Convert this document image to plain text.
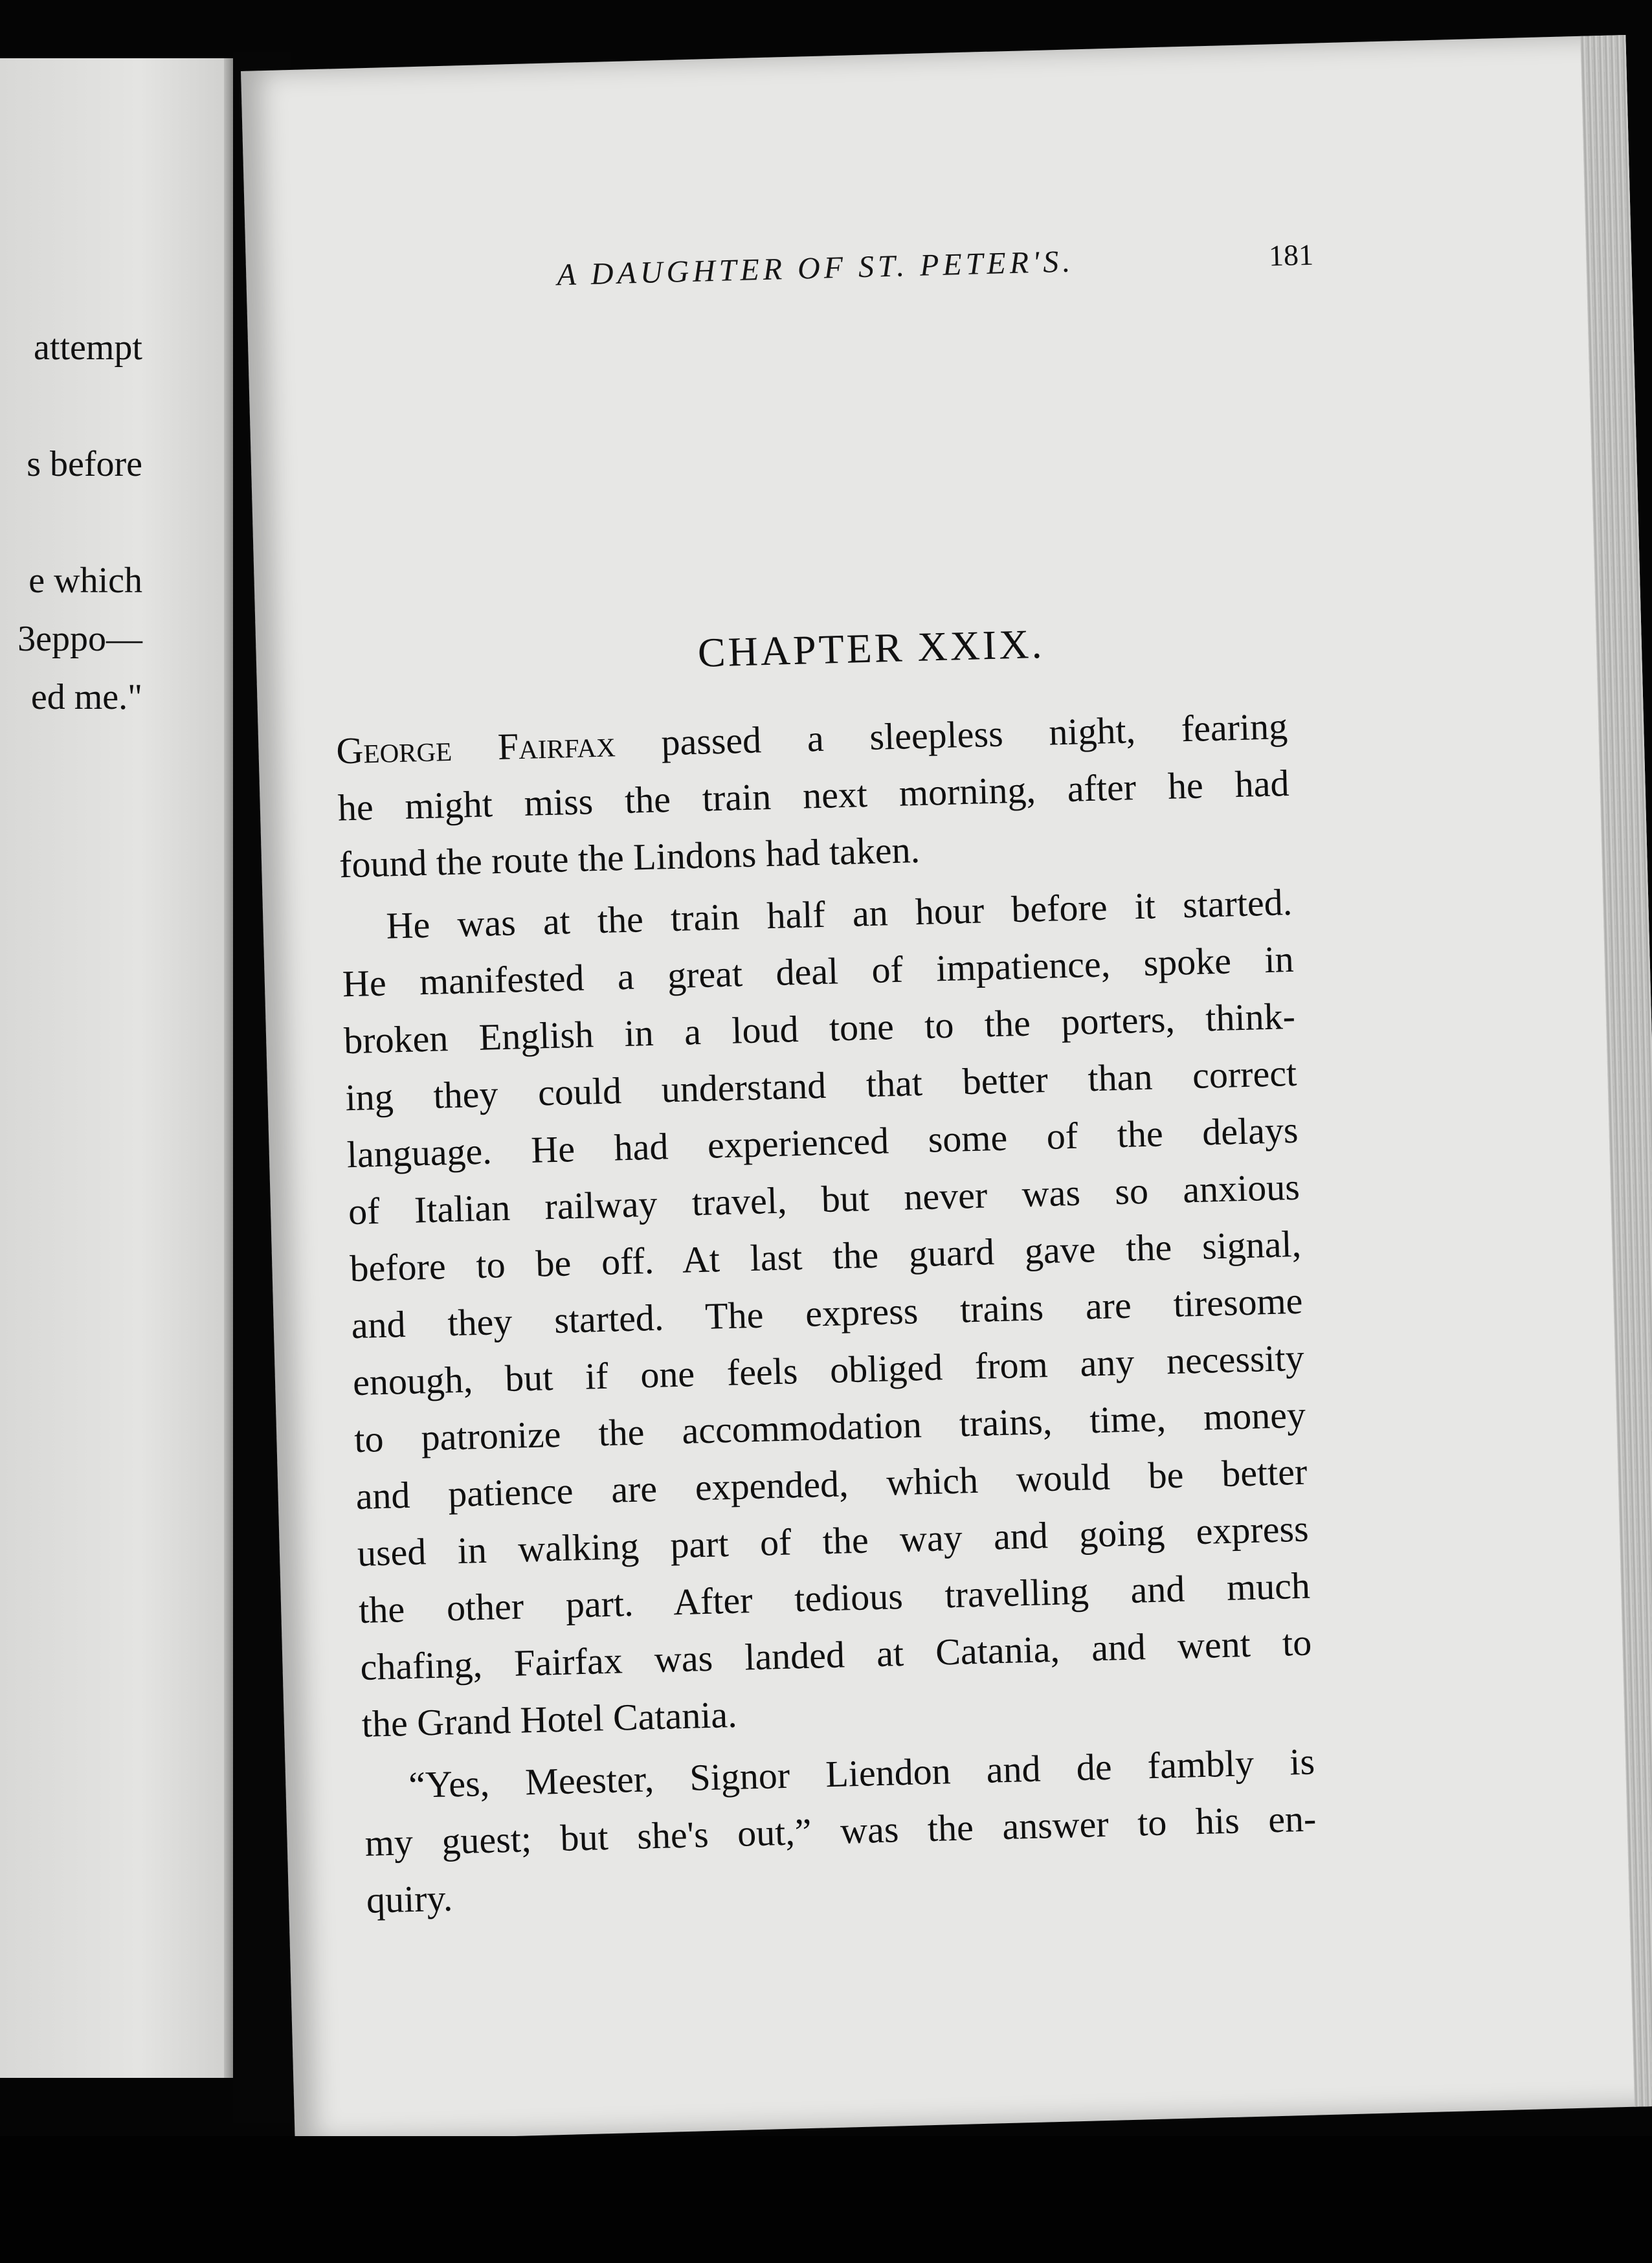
attempt
s before
e which
3eppo—
ed me."
A DAUGHTER OF ST. PETER'S.	181
CHAPTER XXIX.
George Fairfax passed a sleepless night, fearing
he might miss the train next morning, after he had
found the route the Lindons had taken.
He was at the train half an hour before it started.
He manifested a great deal of impatience, spoke in
broken English in a loud tone to the porters, think-
ing they could understand that better than correct
language. He had experienced some of the delays
of Italian railway travel, but never was so anxious
before to be off. At last the guard gave the signal,
and they started. The express trains are tiresome
enough, but if one feels obliged from any necessity
to patronize the accommodation trains, time, money
and patience are expended, which would be better
used in walking part of the way and going express
the other part. After tedious travelling and much
chafing, Fairfax was landed at Catania, and went to
the Grand Hotel Catania.
“Yes, Meester, Signor Liendon and de fambly is
my guest; but she's out,” was the answer to his en-
quiry.
